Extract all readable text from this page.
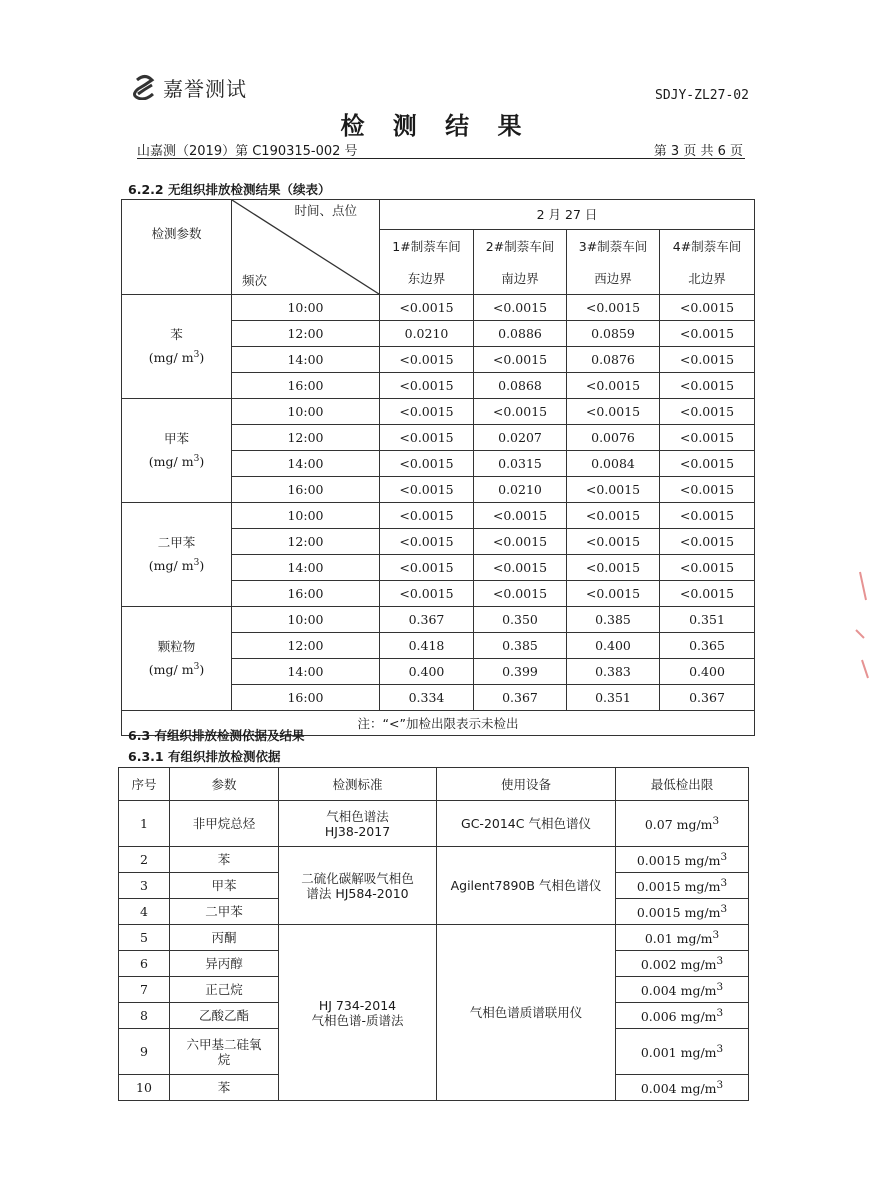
嘉誉测试	SDJY-ZL27-02
检 测 结 果
山嘉测（2019）第 C190315-002 号	第 3 页 共 6 页
6.2.2 无组织排放检测结果（续表）
检测参数	时间、点位
频次	2 月 27 日			
		1#制萘车间	2#制萘车间	3#制萘车间	4#制萘车间
		东边界	南边界	西边界	北边界

苯
(mg/ $m^3$)	10:00	<0.0015	<0.0015	<0.0015	<0.0015
	12:00	0.0210	0.0886	0.0859	<0.0015
	14:00	<0.0015	<0.0015	0.0876	<0.0015
	16:00	<0.0015	0.0868	<0.0015	<0.0015

甲苯
(mg/ $m^3$)	10:00	<0.0015	<0.0015	<0.0015	<0.0015
	12:00	<0.0015	0.0207	0.0076	<0.0015
	14:00	<0.0015	0.0315	0.0084	<0.0015
	16:00	<0.0015	0.0210	<0.0015	<0.0015

二甲苯
(mg/ $m^3$)	10:00	<0.0015	<0.0015	<0.0015	<0.0015
	12:00	<0.0015	<0.0015	<0.0015	<0.0015
	14:00	<0.0015	<0.0015	<0.0015	<0.0015
	16:00	<0.0015	<0.0015	<0.0015	<0.0015

颗粒物
(mg/ $m^3$)	10:00	0.367	0.350	0.385	0.351
	12:00	0.418	0.385	0.400	0.365
	14:00	0.400	0.399	0.383	0.400
	16:00	0.334	0.367	0.351	0.367
注：“<”加检出限表示未检出					
6.3 有组织排放检测依据及结果
6.3.1 有组织排放检测依据
序号	参数	检测标准	使用设备	最低检出限
1	非甲烷总烃	气相色谱法
HJ38-2017	GC-2014C 气相色谱仪	0.07 $mg/m^3$
2	苯	二硫化碳解吸气相色
谱法 HJ584-2010	Agilent7890B 气相色谱仪	0.0015 $mg/m^3$
3	甲苯			0.0015 $mg/m^3$
4	二甲苯			0.0015 $mg/m^3$
5	丙酮	HJ 734-2014
气相色谱-质谱法	气相色谱质谱联用仪	0.01 $mg/m^3$
6	异丙醇			0.002 $mg/m^3$
7	正己烷			0.004 $mg/m^3$
8	乙酸乙酯			0.006 $mg/m^3$
9	六甲基二硅氧
烷			0.001 $mg/m^3$
10	苯			0.004 $mg/m^3$
